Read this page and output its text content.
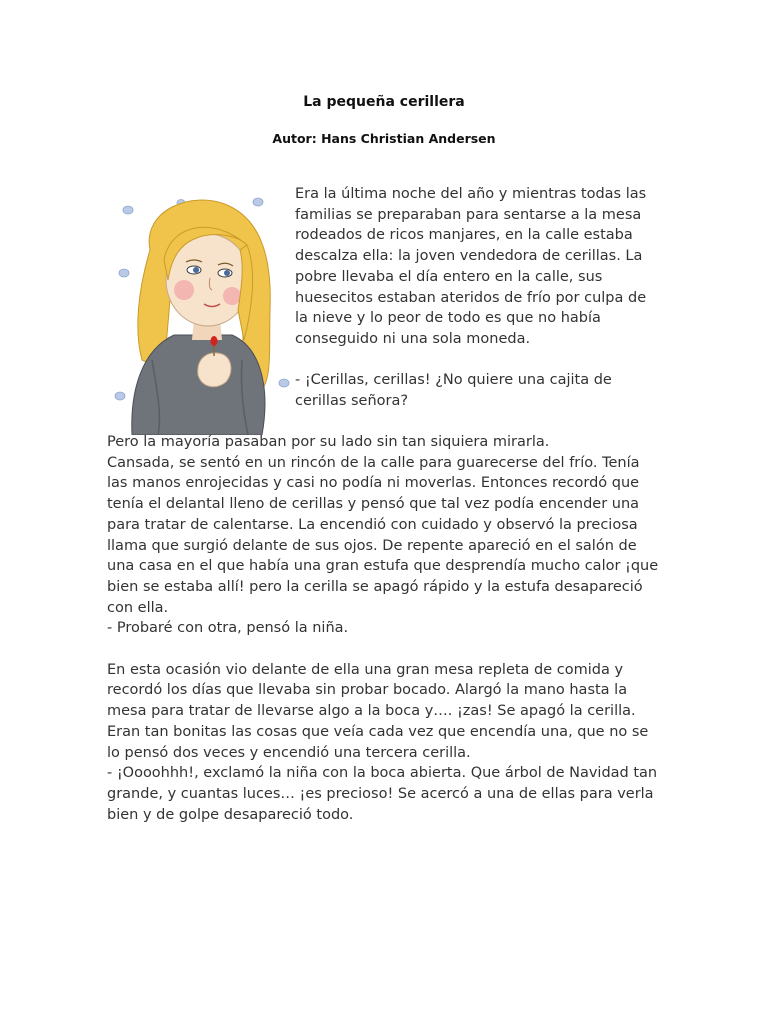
La pequeña cerillera
Autor: Hans Christian Andersen

Era la última noche del año y mientras todas las
familias se preparaban para sentarse a la mesa
rodeados de ricos manjares, en la calle estaba
descalza ella: la joven vendedora de cerillas. La
pobre llevaba el día entero en la calle, sus
huesecitos estaban ateridos de frío por culpa de
la nieve y lo peor de todo es que no había
conseguido ni una sola moneda.

- ¡Cerillas, cerillas! ¿No quiere una cajita de
cerillas señora?

Pero la mayoría pasaban por su lado sin tan siquiera mirarla.
Cansada, se sentó en un rincón de la calle para guarecerse del frío. Tenía
las manos enrojecidas y casi no podía ni moverlas. Entonces recordó que
tenía el delantal lleno de cerillas y pensó que tal vez podía encender una
para tratar de calentarse. La encendió con cuidado y observó la preciosa
llama que surgió delante de sus ojos. De repente apareció en el salón de
una casa en el que había una gran estufa que desprendía mucho calor ¡que
bien se estaba allí! pero la cerilla se apagó rápido y la estufa desapareció
con ella.
- Probaré con otra, pensó la niña.
En esta ocasión vio delante de ella una gran mesa repleta de comida y
recordó los días que llevaba sin probar bocado. Alargó la mano hasta la
mesa para tratar de llevarse algo a la boca y…. ¡zas! Se apagó la cerilla.
Eran tan bonitas las cosas que veía cada vez que encendía una, que no se
lo pensó dos veces y encendió una tercera cerilla.
- ¡Oooohhh!, exclamó la niña con la boca abierta. Que árbol de Navidad tan
grande, y cuantas luces… ¡es precioso! Se acercó a una de ellas para verla
bien y de golpe desapareció todo.
